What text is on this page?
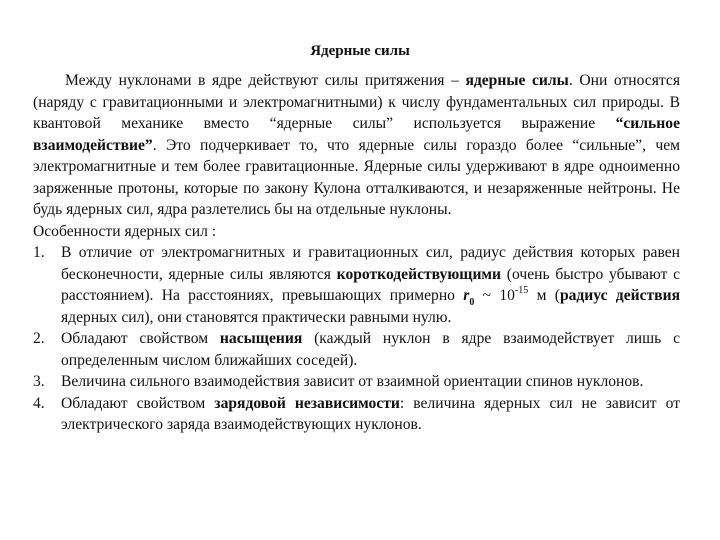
Ядерные силы

Между нуклонами в ядре действуют силы притяжения – ядерные силы. Они относятся (наряду с гравитационными и электромагнитными) к числу фундаментальных сил природы. В квантовой механике вместо “ядерные силы” используется выражение “сильное взаимодействие”. Это подчеркивает то, что ядерные силы гораздо более “сильные”, чем электромагнитные и тем более гравитационные. Ядерные силы удерживают в ядре одноименно заряженные протоны, которые по закону Кулона отталкиваются, и незаряженные нейтроны. Не будь ядерных сил, ядра разлетелись бы на отдельные нуклоны.

Особенности ядерных сил :

1. В отличие от электромагнитных и гравитационных сил, радиус действия которых равен бесконечности, ядерные силы являются короткодействующими (очень быстро убывают с расстоянием). На расстояниях, превышающих примерно $r_0$ ~ $10^{-15}$ м (радиус действия ядерных сил), они становятся практически равными нулю.
2. Обладают свойством насыщения (каждый нуклон в ядре взаимодействует лишь с определенным числом ближайших соседей).
3. Величина сильного взаимодействия зависит от взаимной ориентации спинов нуклонов.
4. Обладают свойством зарядовой независимости: величина ядерных сил не зависит от электрического заряда взаимодействующих нуклонов.
